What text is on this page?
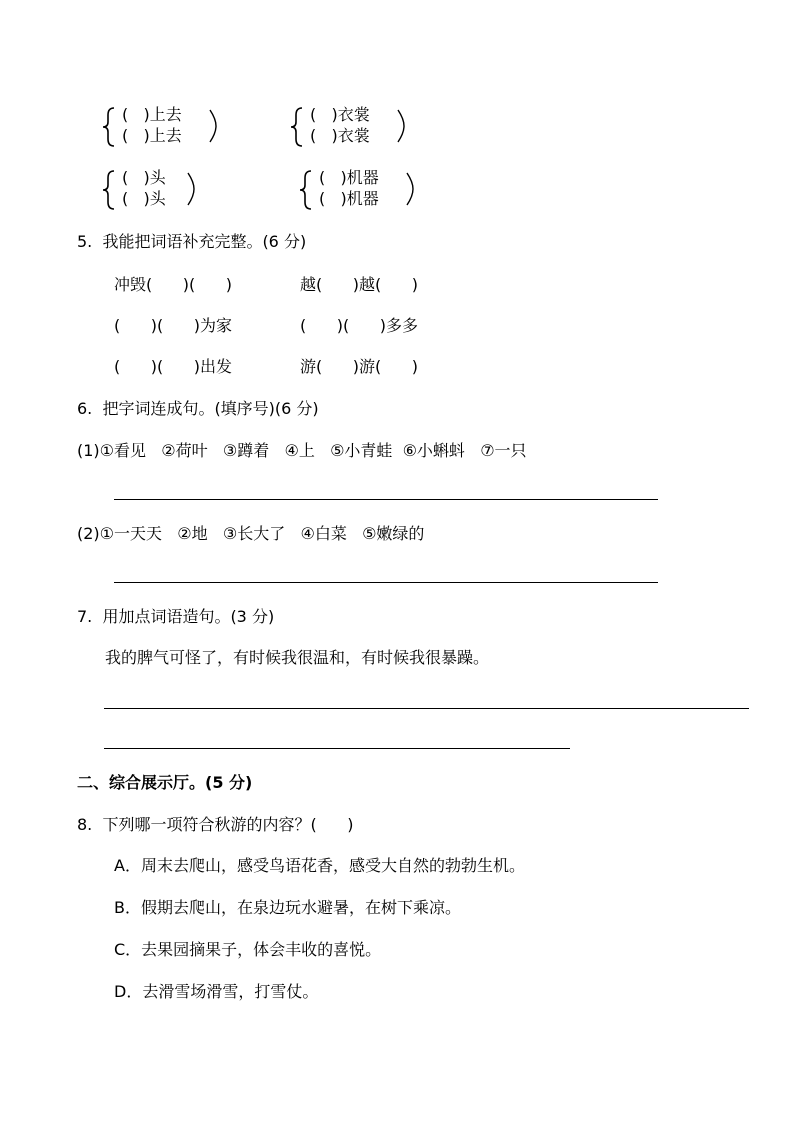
(   )上去
(   )上去
(   )衣裳
(   )衣裳
(   )头
(   )头
(   )机器
(   )机器
5.  我能把词语补充完整。(6 分)
冲毁(      )(      )	越(      )越(      )
(      )(      )为家	(      )(      )多多
(      )(      )出发	游(      )游(      )
6.  把字词连成句。(填序号)(6 分)
(1)①看见   ②荷叶   ③蹲着   ④上   ⑤小青蛙  ⑥小蝌蚪   ⑦一只
(2)①一天天   ②地   ③长大了   ④白菜   ⑤嫩绿的
7.  用加点词语造句。(3 分)
我的脾气可怪了，有时候我很温和，有时候我很暴躁。
二、综合展示厅。(5 分)
8.  下列哪一项符合秋游的内容？(      )
A．周末去爬山，感受鸟语花香，感受大自然的勃勃生机。
B．假期去爬山，在泉边玩水避暑，在树下乘凉。
C．去果园摘果子，体会丰收的喜悦。
D．去滑雪场滑雪，打雪仗。
